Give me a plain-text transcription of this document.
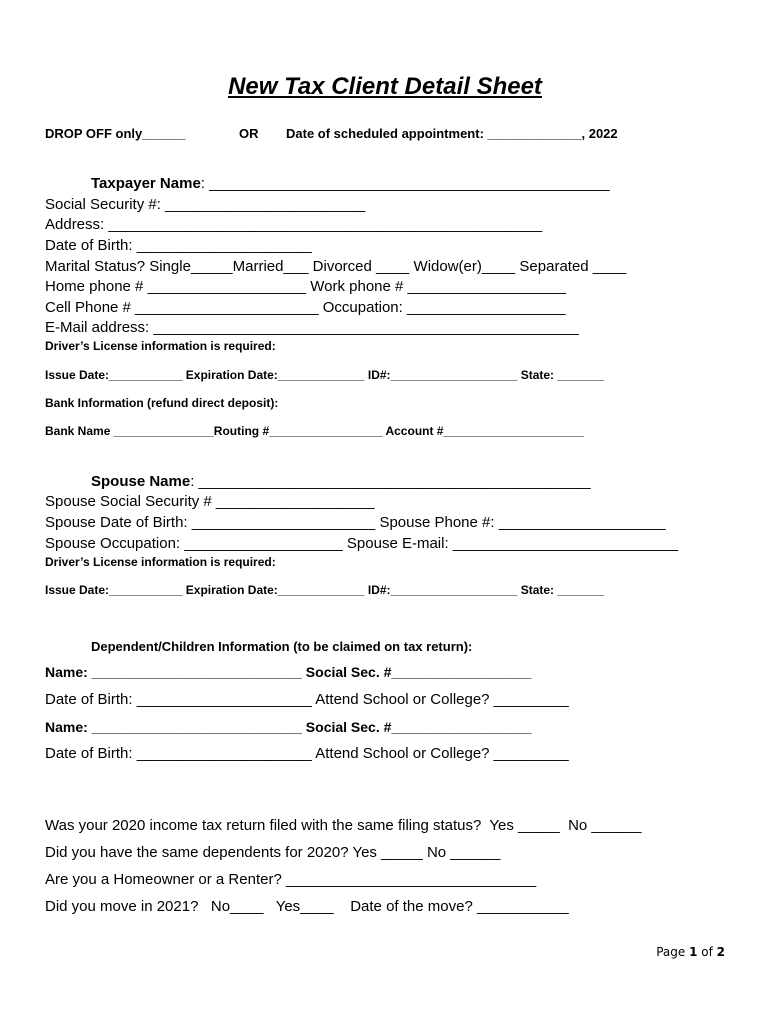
New Tax Client Detail Sheet
DROP OFF only______	OR Date of scheduled appointment: _____________, 2022
Taxpayer Name: ________________________________________________
Social Security #: ________________________
Address: ____________________________________________________
Date of Birth: _____________________
Marital Status? Single_____Married___ Divorced ____ Widow(er)____ Separated ____
Home phone # ___________________ Work phone # ___________________
Cell Phone # ______________________ Occupation: ___________________
E-Mail address: ___________________________________________________
Driver’s License information is required:
Issue Date:___________ Expiration Date:_____________ ID#:___________________ State: _______
Bank Information (refund direct deposit):
Bank Name _______________Routing #_________________ Account #_____________________
Spouse Name: _______________________________________________
Spouse Social Security # ___________________
Spouse Date of Birth: ______________________ Spouse Phone #: ____________________
Spouse Occupation: ___________________ Spouse E-mail: ___________________________
Driver’s License information is required:
Issue Date:___________ Expiration Date:_____________ ID#:___________________ State: _______
Dependent/Children Information (to be claimed on tax return):
Name: ___________________________ Social Sec. #__________________
Date of Birth: _____________________ Attend School or College? _________
Name: ___________________________ Social Sec. #__________________
Date of Birth: _____________________ Attend School or College? _________
Was your 2020 income tax return filed with the same filing status?  Yes _____  No ______
Did you have the same dependents for 2020? Yes _____ No ______
Are you a Homeowner or a Renter? ______________________________
Did you move in 2021?   No____   Yes____    Date of the move? ___________
Page 1 of 2
